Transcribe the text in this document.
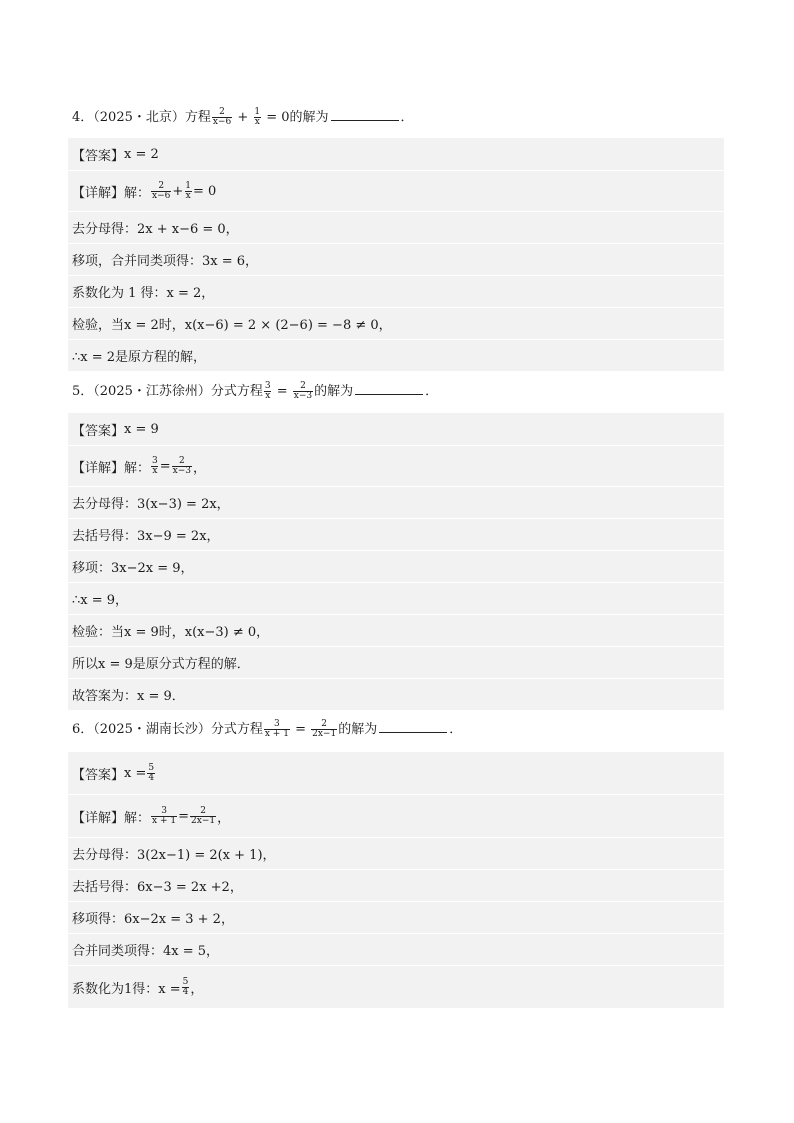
4．（2025・北京）方程 $\frac{2}{x-6} + \frac{1}{x} = 0$的解为	．
【答案】 x = 2
【详解】 解： $\frac{2}{x-6} + \frac{1}{x} = 0$
去分母得：2x + x−6 = 0，
移项，合并同类项得：3x = 6，
系数化为 1 得：x = 2，
检验，当x = 2时，x(x−6) = 2 × (2−6) = −8 ≠ 0，
∴x = 2是原方程的解，
5．（2025・江苏徐州）分式方程 $\frac{3}{x} = \frac{2}{x-3}$ 的解为	．
【答案】 x = 9
【详解】 解： $\frac{3}{x} = \frac{2}{x-3}$ ，
去分母得：3(x−3) = 2x，
去括号得：3x−9 = 2x，
移项：3x−2x = 9，
∴x = 9，
检验：当x = 9时，x(x−3) ≠ 0，
所以x = 9是原分式方程的解．
故答案为：x = 9．
6．（2025・湖南长沙）分式方程 $\frac{3}{x + 1} = \frac{2}{2x-1}$ 的解为	．
【答案】 $x = \frac{5}{4}$
【详解】 解： $\frac{3}{x + 1} = \frac{2}{2x-1}$ ，
去分母得：3(2x−1) = 2(x + 1)，
去括号得：6x−3 = 2x +2，
移项得：6x−2x = 3 + 2，
合并同类项得：4x = 5，
系数化为1得：$x = \frac{5}{4}$ ，
